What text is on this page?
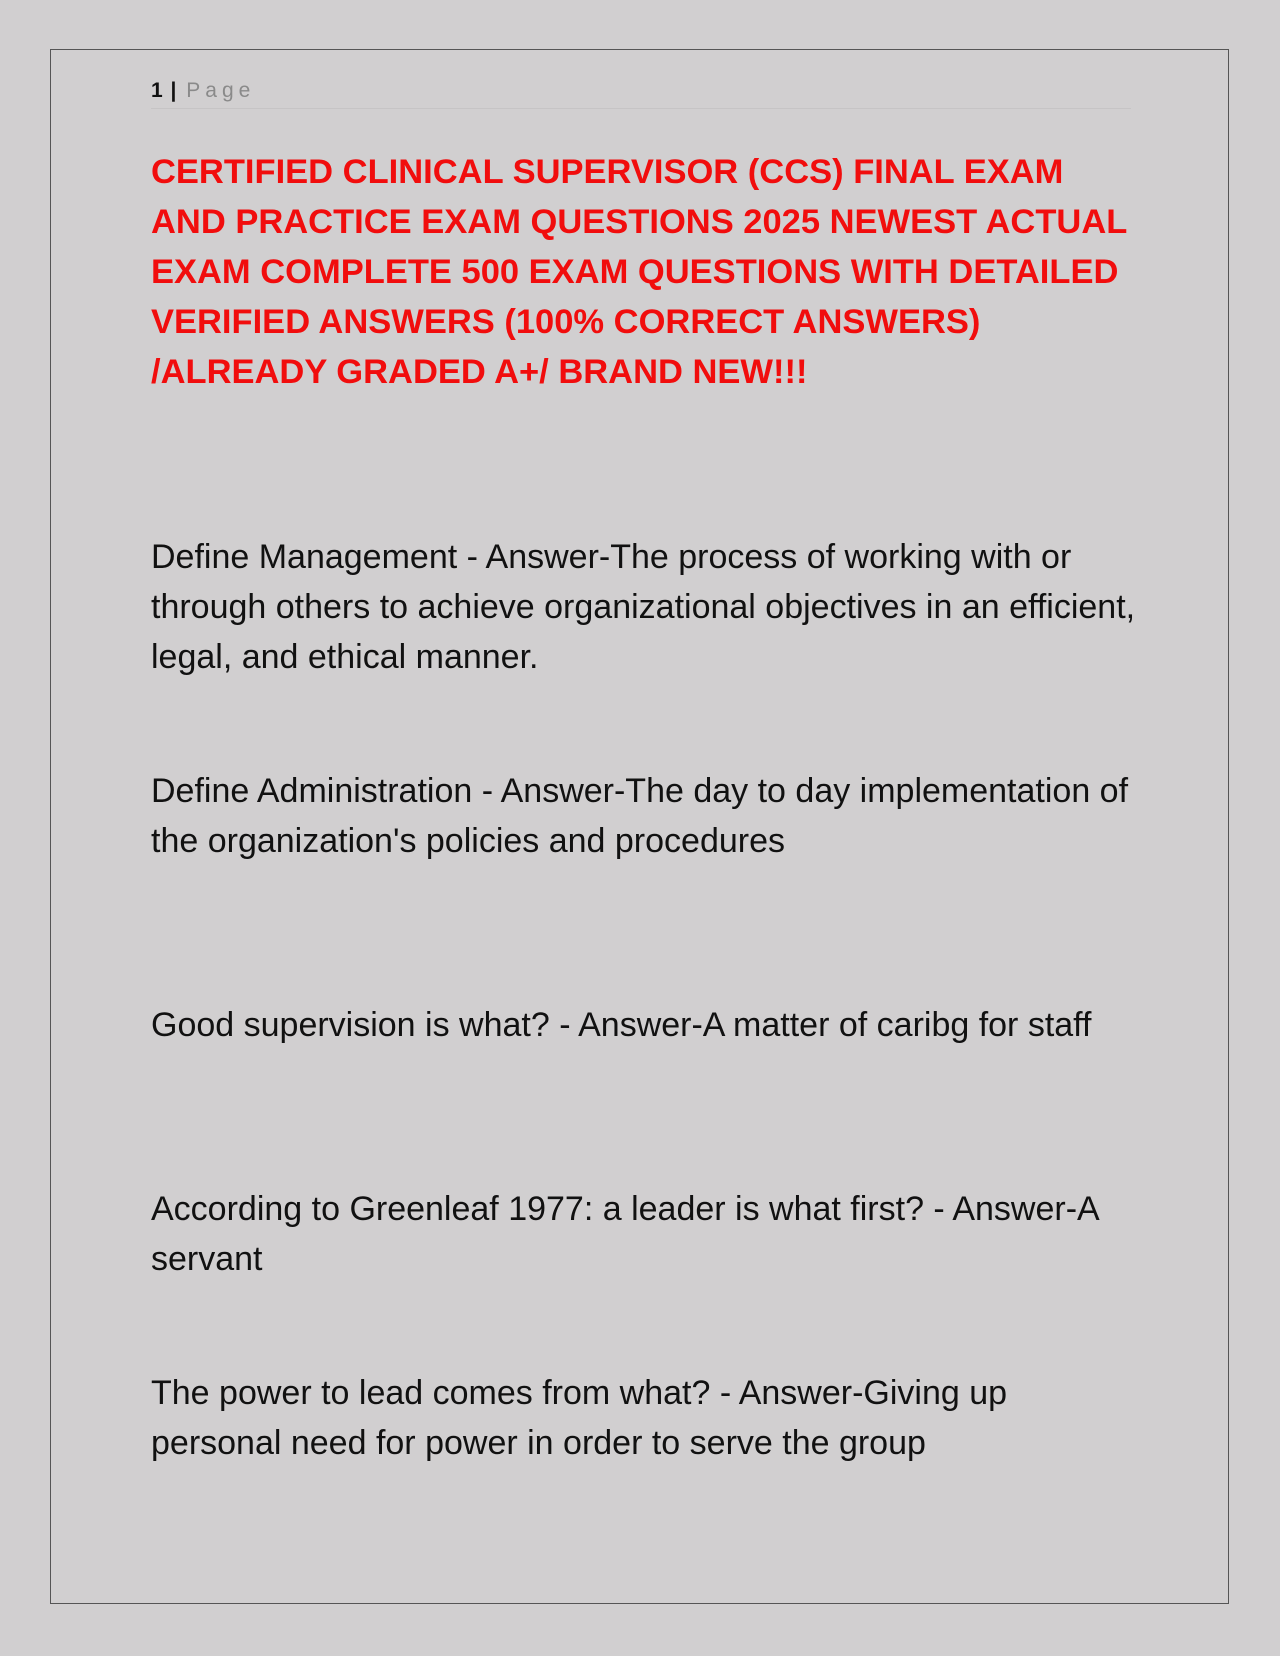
1 | Page
CERTIFIED CLINICAL SUPERVISOR (CCS) FINAL EXAM AND PRACTICE EXAM QUESTIONS 2025 NEWEST ACTUAL EXAM COMPLETE 500 EXAM QUESTIONS WITH DETAILED VERIFIED ANSWERS (100% CORRECT ANSWERS) /ALREADY GRADED A+/ BRAND NEW!!!

Define Management - Answer-The process of working with or through others to achieve organizational objectives in an efficient, legal, and ethical manner.

Define Administration - Answer-The day to day implementation of the organization's policies and procedures

Good supervision is what? - Answer-A matter of caribg for staff

According to Greenleaf 1977: a leader is what first? - Answer-A servant

The power to lead comes from what? - Answer-Giving up personal need for power in order to serve the group
